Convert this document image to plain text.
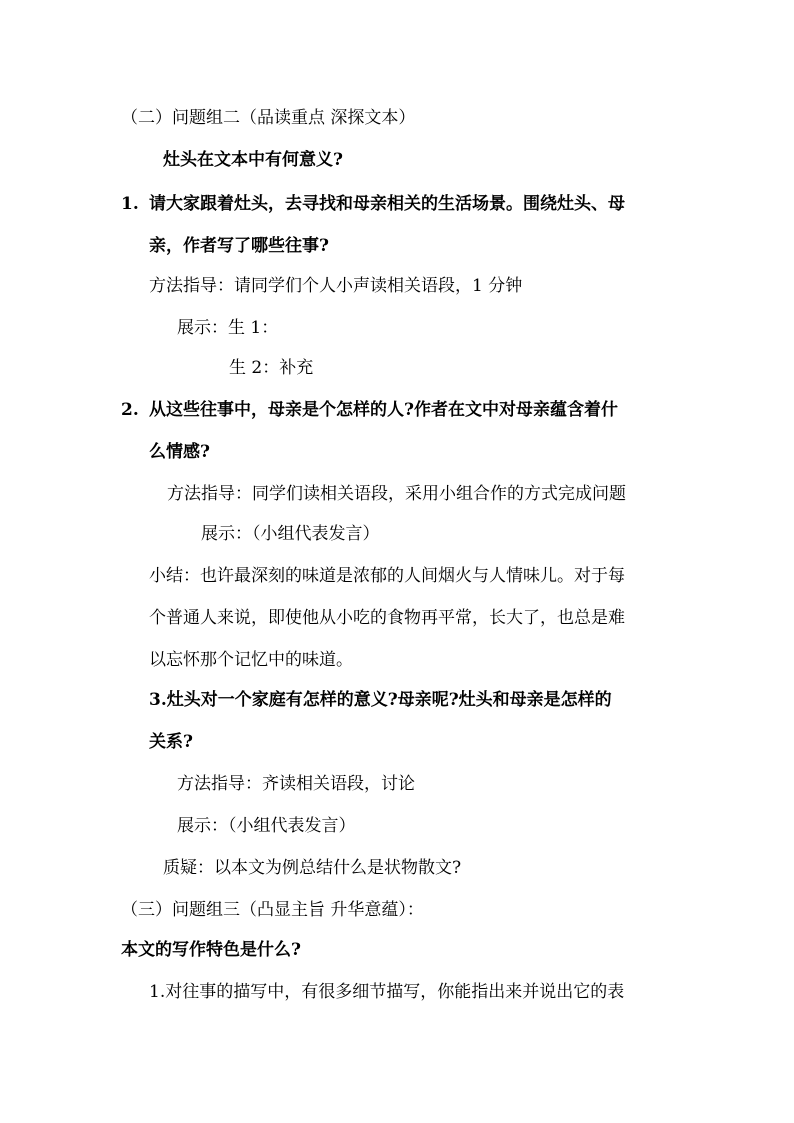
（二）问题组二（品读重点 深探文本）
灶头在文本中有何意义?
1. 请大家跟着灶头，去寻找和母亲相关的生活场景。围绕灶头、母
亲，作者写了哪些往事?
方法指导：请同学们个人小声读相关语段，1 分钟
展示：生 1：
生 2：补充
2. 从这些往事中，母亲是个怎样的人?作者在文中对母亲蕴含着什
么情感?
方法指导：同学们读相关语段，采用小组合作的方式完成问题
展示：（小组代表发言）
小结：也许最深刻的味道是浓郁的人间烟火与人情味儿。对于每
个普通人来说，即使他从小吃的食物再平常，长大了，也总是难
以忘怀那个记忆中的味道。
3.灶头对一个家庭有怎样的意义?母亲呢?灶头和母亲是怎样的
关系?
方法指导：齐读相关语段，讨论
展示：（小组代表发言）
质疑：以本文为例总结什么是状物散文?
（三）问题组三（凸显主旨 升华意蕴）：
本文的写作特色是什么?
1.对往事的描写中，有很多细节描写，你能指出来并说出它的表
